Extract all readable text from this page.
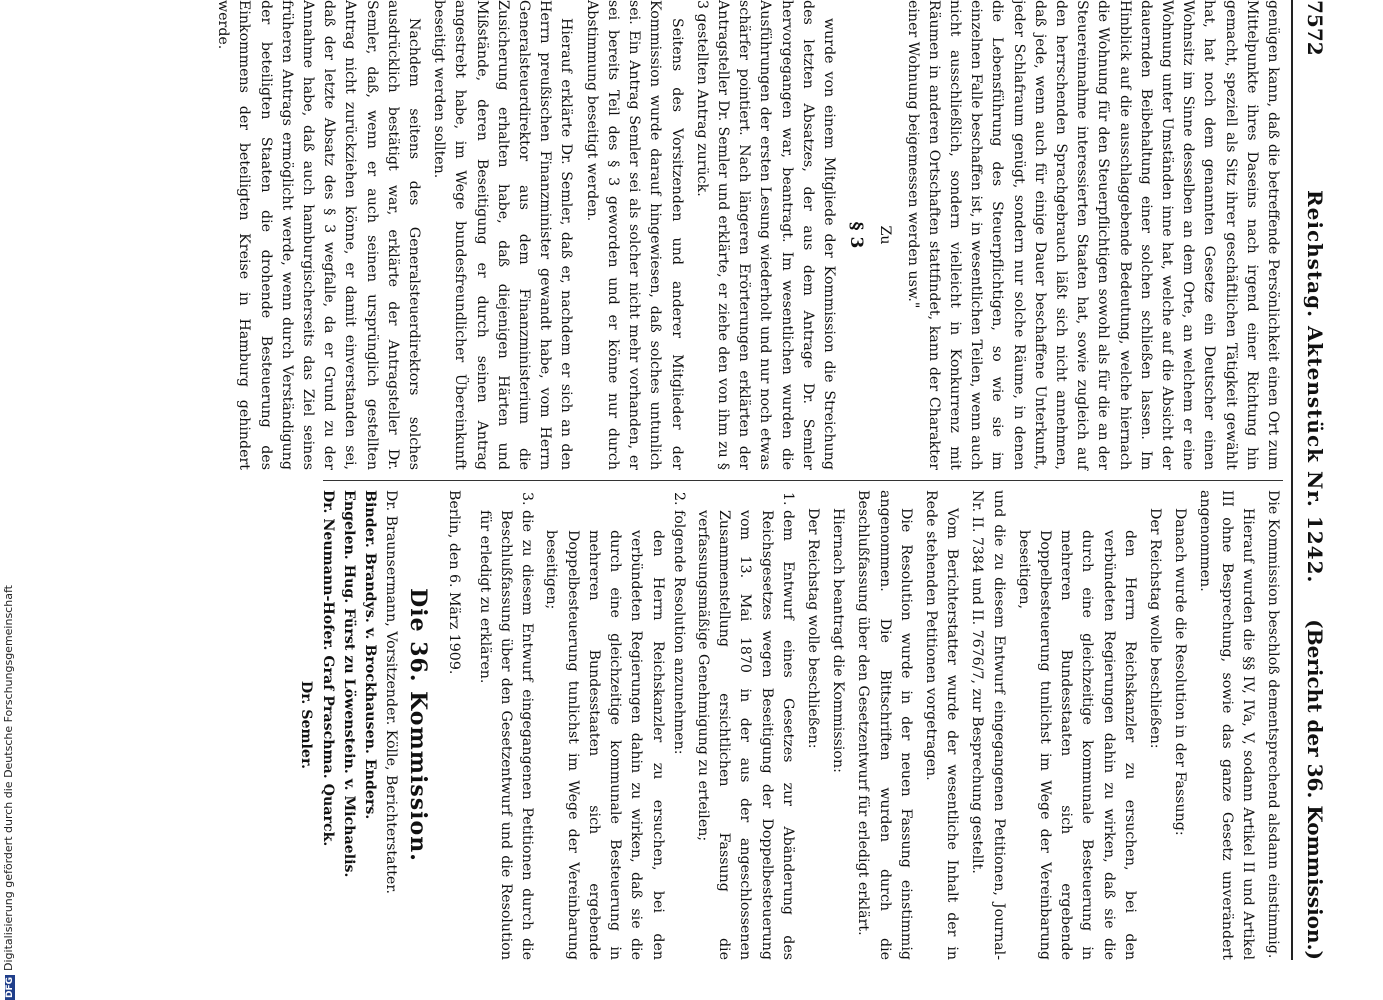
7572
Reichstag. Aktenstück Nr. 1242.
(Bericht der 36. Kommission.)

genügen kann, daß die betreffende Persönlichkeit einen Ort zum Mittelpunkte ihres Daseins nach irgend einer Richtung hin gemacht, speziell als Sitz ihrer geschäftlichen Tätigkeit gewählt hat, hat noch dem genannten Gesetze ein Deutscher einen Wohnsitz im Sinne desselben an dem Orte, an welchem er eine Wohnung unter Umständen inne hat, welche auf die Absicht der dauernden Beibehaltung einer solchen schließen lassen. Im Hinblick auf die ausschlaggebende Bedeutung, welche hiernach die Wohnung für den Steuerpflichtigen sowohl als für die an der Steuereinnahme interessierten Staaten hat, sowie zugleich auf den herrschenden Sprachgebrauch läßt sich nicht annehmen, daß jede, wenn auch für einige Dauer beschaffene Unterkunft, jeder Schlafraum genügt, sondern nur solche Räume, in denen die Lebensführung des Steuerpflichtigen, so wie sie im einzelnen Falle beschaffen ist, in wesentlichen Teilen, wenn auch nicht ausschließlich, sondern vielleicht in Konkurrenz mit Räumen in anderen Ortschaften stattfindet, kann der Charakter einer Wohnung beigemessen werden usw."

Zu

§ 3

wurde von einem Mitgliede der Kommission die Streichung des letzten Absatzes, der aus dem Antrage Dr. Semler hervorgegangen war, beantragt. Im wesentlichen wurden die Ausführungen der ersten Lesung wiederholt und nur noch etwas schärfer pointiert. Nach längeren Erörterungen erklärten der Antragsteller Dr. Semler und erklärte, er ziehe den von ihm zu § 3 gestellten Antrag zurück.

Seitens des Vorsitzenden und anderer Mitglieder der Kommission wurde darauf hingewiesen, daß solches untunlich sei. Ein Antrag Semler sei als solcher nicht mehr vorhanden, er sei bereits Teil des § 3 geworden und er könne nur durch Abstimmung beseitigt werden.

Hierauf erklärte Dr. Semler, daß er, nachdem er sich an den Herrn preußischen Finanzminister gewandt habe, vom Herrn Generalsteuerdirektor aus dem Finanzministerium die Zusicherung erhalten habe, daß diejenigen Härten und Mißstände, deren Beseitigung er durch seinen Antrag angestrebt habe, im Wege bundesfreundlicher Übereinkunft beseitigt werden sollten.

Nachdem seitens des Generalsteuerdirektors solches ausdrücklich bestätigt war, erklärte der Antragsteller Dr. Semler, daß, wenn er auch seinen ursprünglich gestellten Antrag nicht zurückziehen könne, er damit einverstanden sei, daß der letzte Absatz des § 3 wegfalle, da er Grund zu der Annahme habe, daß auch hamburgischerseits das Ziel seines früheren Antrags ermöglicht werde, wenn durch Verständigung der beteiligten Staaten die drohende Besteuerung des Einkommens der beteiligten Kreise in Hamburg gehindert werde.

Die Kommission beschloß dementsprechend alsdann einstimmig.

Hierauf wurden die §§ IV, IVa, V, sodann Artikel II und Artikel III ohne Besprechung, sowie das ganze Gesetz unverändert angenommen.

Danach wurde die Resolution in der Fassung:

Der Reichstag wolle beschließen:

den Herrn Reichskanzler zu ersuchen, bei den verbündeten Regierungen dahin zu wirken, daß sie die durch eine gleichzeitige kommunale Besteuerung in mehreren Bundesstaaten sich ergebende Doppelbesteuerung tunlichst im Wege der Vereinbarung beseitigen,

und die zu diesem Entwurf eingegangenen Petitionen, Journal-Nr. II. 7384 und II. 7676/7, zur Besprechung gestellt.

Vom Berichterstatter wurde der wesentliche Inhalt der in Rede stehenden Petitionen vorgetragen.

Die Resolution wurde in der neuen Fassung einstimmig angenommen. Die Bittschriften wurden durch die Beschlußfassung über den Gesetzentwurf für erledigt erklärt.

Hiernach beantragt die Kommission:

Der Reichstag wolle beschließen:

1. dem Entwurf eines Gesetzes zur Abänderung des Reichsgesetzes wegen Beseitigung der Doppelbesteuerung vom 13. Mai 1870 in der aus der angeschlossenen Zusammenstellung ersichtlichen Fassung die verfassungsmäßige Genehmigung zu erteilen;
2. folgende Resolution anzunehmen:
den Herrn Reichskanzler zu ersuchen, bei den verbündeten Regierungen dahin zu wirken, daß sie die durch eine gleichzeitige kommunale Besteuerung in mehreren Bundesstaaten sich ergebende Doppelbesteuerung tunlichst im Wege der Vereinbarung beseitigen;
3. die zu diesem Entwurf eingegangenen Petitionen durch die Beschlußfassung über den Gesetzentwurf und die Resolution für erledigt zu erklären.

Berlin, den 6. März 1909.

Die 36. Kommission.

Dr. Braunsermann, Vorsitzender. Kölle, Berichterstatter.

Binder. Brandys. v. Brockhausen. Enders.

Engelen. Hug. Fürst zu Löwenstein. v. Michaelis.

Dr. Neumann-Hofer. Graf Praschma. Quarck.

Dr. Semler.

DFGDigitalisierung gefördert durch die Deutsche Forschungsgemeinschaft
